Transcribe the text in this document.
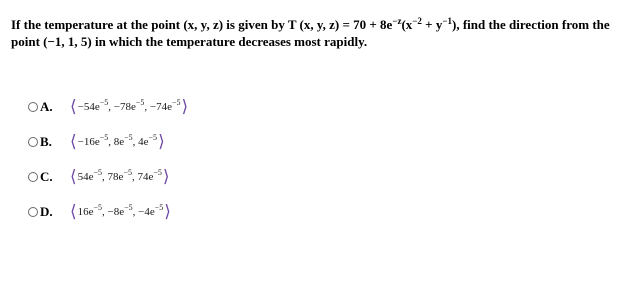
If the temperature at the point (x, y, z) is given by T (x, y, $z) = 70 + 8e^{-z}(x^{-2} + y^{-1})$, find the direction from the point (−1, 1, 5) in which the temperature decreases most rapidly.
A.	⟨ $-54e^{-5}$, $-78e^{-5}$, $-74e^{-5}$ ⟩
B.	⟨ $-16e^{-5}$, $8e^{-5}$, $4e^{-5}$ ⟩
C.	⟨ $54e^{-5}$, $78e^{-5}$, $74e^{-5}$ ⟩
D.	⟨ $16e^{-5}$, $-8e^{-5}$, $-4e^{-5}$ ⟩
